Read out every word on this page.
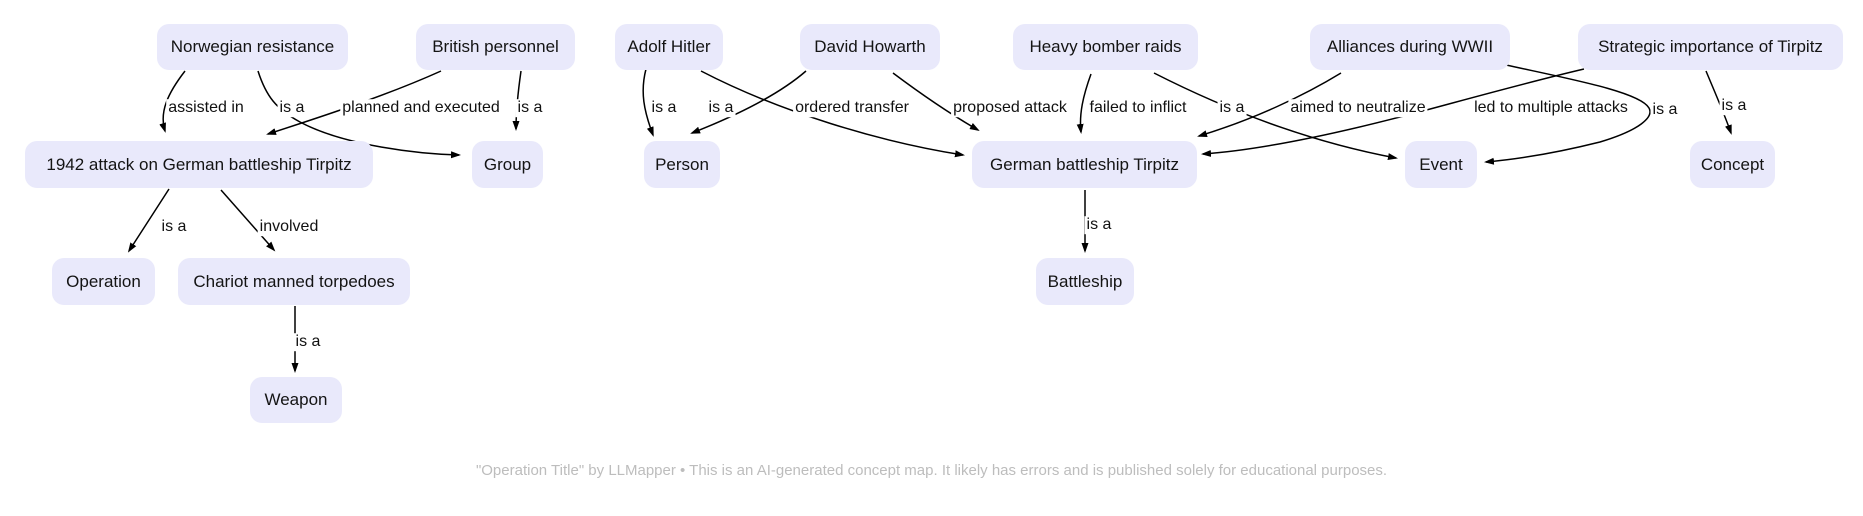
Norwegian resistance	British personnel	Adolf Hitler	David Howarth	Heavy bomber raids	Alliances during WWII	Strategic importance of Tirpitz
1942 attack on German battleship Tirpitz	Group	Person	German battleship Tirpitz	Event	Concept
Operation	Chariot manned torpedoes	Battleship
Weapon
assisted in is a planned and executed is a
is a	involved
is a
is a is a	ordered transfer	proposed attack failed to inflict is a	aimed to neutralize	is a
led to multiple attacks	is a
is a
"Operation Title" by LLMapper • This is an AI-generated concept map. It likely has errors and is published solely for educational purposes.
